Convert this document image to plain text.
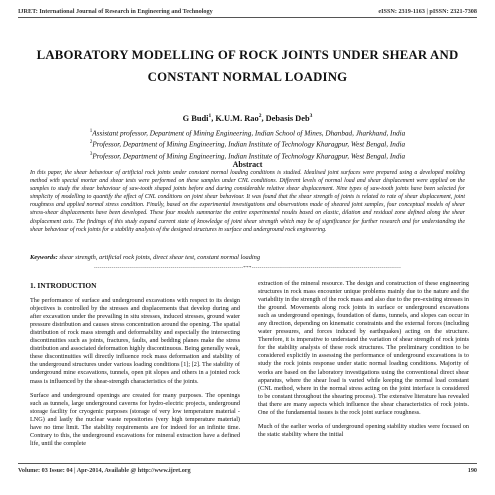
IJRET: International Journal of Research in Engineering and Technology	eISSN: 2319-1163 | pISSN: 2321-7308
LABORATORY MODELLING OF ROCK JOINTS UNDER SHEAR AND
CONSTANT NORMAL LOADING
G Budi$^1$, K.U.M. Rao$^2$, Debasis Deb$^3$
$^1$Assistant professor, Department of Mining Engineering, Indian School of Mines, Dhanbad, Jharkhand, India
$^2$Professor, Department of Mining Engineering, Indian Institute of Technology Kharagpur, West Bengal, India
$^3$Professor, Department of Mining Engineering, Indian Institute of Technology Kharagpur, West Bengal, India
Abstract
In this paper, the shear behaviour of artificial rock joints under constant normal loading conditions is studied. Idealised joint surfaces were prepared using a developed molding method with special mortar and shear tests were performed on these samples under CNL conditions. Different levels of normal load and shear displacement were applied on the samples to study the shear behaviour of saw-tooth shaped joints before and during considerable relative shear displacement. Nine types of saw-tooth joints have been selected for simplicity of modelling to quantify the effect of CNL conditions on joint shear behaviour. It was found that the shear strength of joints is related to rate of shear displacement, joint roughness and applied normal stress condition. Finally, based on the experimental investigations and observations made of sheared joint samples, four conceptual models of shear stress-shear displacements have been developed. These four models summarize the entire experimental results based on elastic, dilation and residual zone defined along the shear displacement axis. The findings of this study expand current state of knowledge of joint shear strength which may be of significance for further research and for understanding the shear behaviour of rock joints for a stability analysis of the designed structures in surface and underground rock engineering.
Keywords: shear strength, artificial rock joints, direct shear test, constant normal loading
----------------------------------------------------------------------------***----------------------------------------------------------------------------
1. INTRODUCTION

The performance of surface and underground excavations with respect to its design objectives is controlled by the stresses and displacements that develop during and after excavation under the prevailing in situ stresses, induced stresses, ground water pressure distribution and causes stress concentration around the opening. The spatial distribution of rock mass strength and deformability and especially the intersecting discontinuities such as joints, fractures, faults, and bedding planes make the stress distribution and associated deformation highly discontinuous. Being generally weak, these discontinuities will directly influence rock mass deformation and stability of the underground structures under various loading conditions [1]; [2]. The stability of underground mine excavations, tunnels, open pit slopes and others in a jointed rock mass is influenced by the shear-strength characteristics of the joints.

Surface and underground openings are created for many purposes. The openings such as tunnels, large underground caverns for hydro-electric projects, underground storage facility for cryogenic purposes (storage of very low temperature material - LNG) and lastly the nuclear waste repositories (very high temperature material) have no time limit. The stability requirements are for indeed for an infinite time. Contrary to this, the underground excavations for mineral extraction have a defined life, until the complete

extraction of the mineral resource. The design and construction of these engineering structures in rock mass encounter unique problems mainly due to the nature and the variability in the strength of the rock mass and also due to the pre-existing stresses in the ground. Movements along rock joints in surface or underground excavations such as underground openings, foundation of dams, tunnels, and slopes can occur in any direction, depending on kinematic constraints and the external forces (including water pressures, and forces induced by earthquakes) acting on the structure. Therefore, it is imperative to understand the variation of shear strength of rock joints for the stability analysis of these rock structures. The preliminary condition to be considered explicitly in assessing the performance of underground excavations is to study the rock joints response under static normal loading conditions. Majority of works are based on the laboratory investigations using the conventional direct shear apparatus, where the shear load is varied while keeping the normal load constant (CNL method, where in the normal stress acting on the joint interface is considered to be constant throughout the shearing process). The extensive literature has revealed that there are many aspects which influence the shear characteristics of rock joints. One of the fundamental issues is the rock joint surface roughness.

Much of the earlier works of underground opening stability studies were focused on the static stability where the initial

Volume: 03 Issue: 04 | Apr-2014, Available @ http://www.ijret.org	190
